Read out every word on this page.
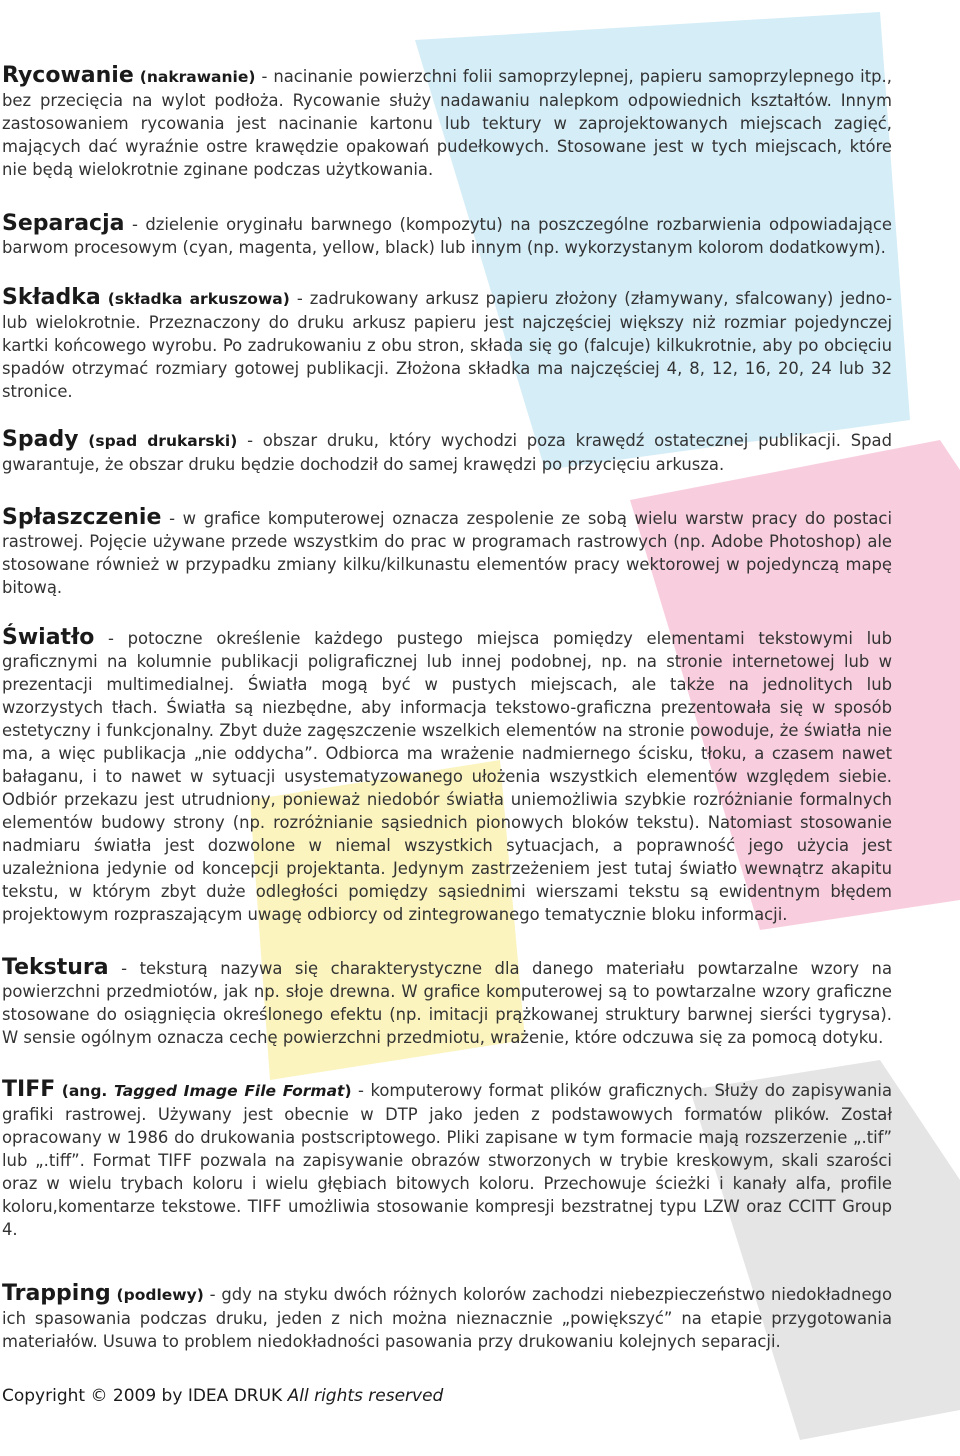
Rycowanie (nakrawanie) - nacinanie powierzchni folii samoprzylepnej, papieru samoprzylepnego itp., bez przecięcia na wylot podłoża. Rycowanie służy nadawaniu nalepkom odpowiednich kształtów. Innym zastosowaniem rycowania jest nacinanie kartonu lub tektury w zaprojektowanych miejscach zagięć, mających dać wyraźnie ostre krawędzie opakowań pudełkowych. Stosowane jest w tych miejscach, które nie będą wielokrotnie zginane podczas użytkowania.

Separacja - dzielenie oryginału barwnego (kompozytu) na poszczególne rozbarwienia odpowiadające barwom procesowym (cyan, magenta, yellow, black) lub innym (np. wykorzystanym kolorom dodatkowym).

Składka (składka arkuszowa) - zadrukowany arkusz papieru złożony (złamywany, sfalcowany) jedno- lub wielokrotnie. Przeznaczony do druku arkusz papieru jest najczęściej większy niż rozmiar pojedynczej kartki końcowego wyrobu. Po zadrukowaniu z obu stron, składa się go (falcuje) kilkukrotnie, aby po obcięciu spadów otrzymać rozmiary gotowej publikacji. Złożona składka ma najczęściej 4, 8, 12, 16, 20, 24 lub 32 stronice.

Spady (spad drukarski) - obszar druku, który wychodzi poza krawędź ostatecznej publikacji. Spad gwarantuje, że obszar druku będzie dochodził do samej krawędzi po przycięciu arkusza.

Spłaszczenie - w grafice komputerowej oznacza zespolenie ze sobą wielu warstw pracy do postaci rastrowej. Pojęcie używane przede wszystkim do prac w programach rastrowych (np. Adobe Photoshop) ale stosowane również w przypadku zmiany kilku/kilkunastu elementów pracy wektorowej w pojedynczą mapę bitową.

Światło - potoczne określenie każdego pustego miejsca pomiędzy elementami tekstowymi lub graficznymi na kolumnie publikacji poligraficznej lub innej podobnej, np. na stronie internetowej lub w prezentacji multimedialnej. Światła mogą być w pustych miejscach, ale także na jednolitych lub wzorzystych tłach. Światła są niezbędne, aby informacja tekstowo-graficzna prezentowała się w sposób estetyczny i funkcjonalny. Zbyt duże zagęszczenie wszelkich elementów na stronie powoduje, że światła nie ma, a więc publikacja „nie oddycha”. Odbiorca ma wrażenie nadmiernego ścisku, tłoku, a czasem nawet bałaganu, i to nawet w sytuacji usystematyzowanego ułożenia wszystkich elementów względem siebie. Odbiór przekazu jest utrudniony, ponieważ niedobór światła uniemożliwia szybkie rozróżnianie formalnych elementów budowy strony (np. rozróżnianie sąsiednich pionowych bloków tekstu). Natomiast stosowanie nadmiaru światła jest dozwolone w niemal wszystkich sytuacjach, a poprawność jego użycia jest uzależniona jedynie od koncepcji projektanta. Jedynym zastrzeżeniem jest tutaj światło wewnątrz akapitu tekstu, w którym zbyt duże odległości pomiędzy sąsiednimi wierszami tekstu są ewidentnym błędem projektowym rozpraszającym uwagę odbiorcy od zintegrowanego tematycznie bloku informacji.

Tekstura - teksturą nazywa się charakterystyczne dla danego materiału powtarzalne wzory na powierzchni przedmiotów, jak np. słoje drewna. W grafice komputerowej są to powtarzalne wzory graficzne stosowane do osiągnięcia określonego efektu (np. imitacji prążkowanej struktury barwnej sierści tygrysa). W sensie ogólnym oznacza cechę powierzchni przedmiotu, wrażenie, które odczuwa się za pomocą dotyku.

TIFF (ang. Tagged Image File Format) - komputerowy format plików graficznych. Służy do zapisywania grafiki rastrowej. Używany jest obecnie w DTP jako jeden z podstawowych formatów plików. Został opracowany w 1986 do drukowania postscriptowego. Pliki zapisane w tym formacie mają rozszerzenie „.tif” lub „.tiff”. Format TIFF pozwala na zapisywanie obrazów stworzonych w trybie kreskowym, skali szarości oraz w wielu trybach koloru i wielu głębiach bitowych koloru. Przechowuje ścieżki i kanały alfa, profile koloru,komentarze tekstowe. TIFF umożliwia stosowanie kompresji bezstratnej typu LZW oraz CCITT Group 4.

Trapping (podlewy) - gdy na styku dwóch różnych kolorów zachodzi niebezpieczeństwo niedokładnego ich spasowania podczas druku, jeden z nich można nieznacznie „powiększyć” na etapie przygotowania materiałów. Usuwa to problem niedokładności pasowania przy drukowaniu kolejnych separacji.

Copyright © 2009 by IDEA DRUK All rights reserved
